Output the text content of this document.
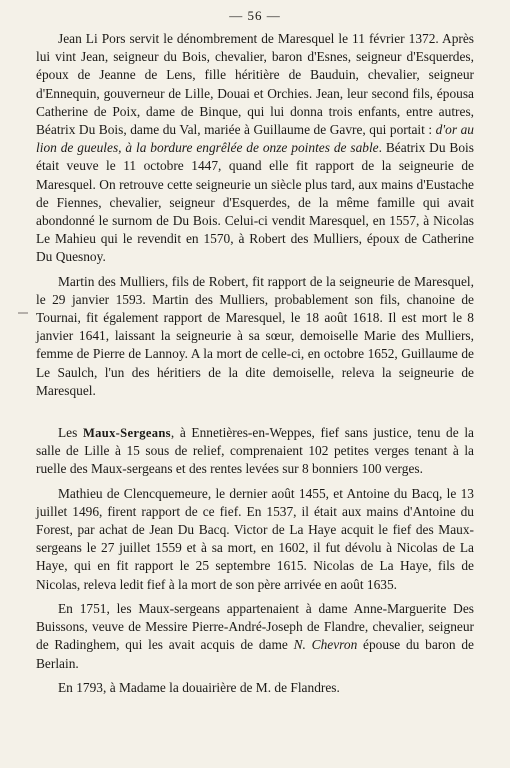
— 56 —

Jean Li Pors servit le dénombrement de Maresquel le 11 février 1372. Après lui vint Jean, seigneur du Bois, chevalier, baron d'Esnes, seigneur d'Esquerdes, époux de Jeanne de Lens, fille héritière de Bauduin, chevalier, seigneur d'Ennequin, gouverneur de Lille, Douai et Orchies. Jean, leur second fils, épousa Catherine de Poix, dame de Binque, qui lui donna trois enfants, entre autres, Béatrix Du Bois, dame du Val, mariée à Guillaume de Gavre, qui portait : d'or au lion de gueules, à la bordure engrêlée de onze pointes de sable. Béatrix Du Bois était veuve le 11 octobre 1447, quand elle fit rapport de la seigneurie de Maresquel. On retrouve cette seigneurie un siècle plus tard, aux mains d'Eustache de Fiennes, chevalier, seigneur d'Esquerdes, de la même famille qui avait abondonné le surnom de Du Bois. Celui-ci vendit Maresquel, en 1557, à Nicolas Le Mahieu qui le revendit en 1570, à Robert des Mulliers, époux de Catherine Du Quesnoy.

Martin des Mulliers, fils de Robert, fit rapport de la seigneurie de Maresquel, le 29 janvier 1593. Martin des Mulliers, probablement son fils, chanoine de Tournai, fit également rapport de Maresquel, le 18 août 1618. Il est mort le 8 janvier 1641, laissant la seigneurie à sa sœur, demoiselle Marie des Mulliers, femme de Pierre de Lannoy. A la mort de celle-ci, en octobre 1652, Guillaume de Le Saulch, l'un des héritiers de la dite demoiselle, releva la seigneurie de Maresquel.

Les Maux-Sergeans, à Ennetières-en-Weppes, fief sans justice, tenu de la salle de Lille à 15 sous de relief, comprenaient 102 petites verges tenant à la ruelle des Maux-sergeans et des rentes levées sur 8 bonniers 100 verges.

Mathieu de Clencquemeure, le dernier août 1455, et Antoine du Bacq, le 13 juillet 1496, firent rapport de ce fief. En 1537, il était aux mains d'Antoine du Forest, par achat de Jean Du Bacq. Victor de La Haye acquit le fief des Maux-sergeans le 27 juillet 1559 et à sa mort, en 1602, il fut dévolu à Nicolas de La Haye, qui en fit rapport le 25 septembre 1615. Nicolas de La Haye, fils de Nicolas, releva ledit fief à la mort de son père arrivée en août 1635.

En 1751, les Maux-sergeans appartenaient à dame Anne-Marguerite Des Buissons, veuve de Messire Pierre-André-Joseph de Flandre, chevalier, seigneur de Radinghem, qui les avait acquis de dame N. Chevron épouse du baron de Berlain.

En 1793, à Madame la douairière de M. de Flandres.
